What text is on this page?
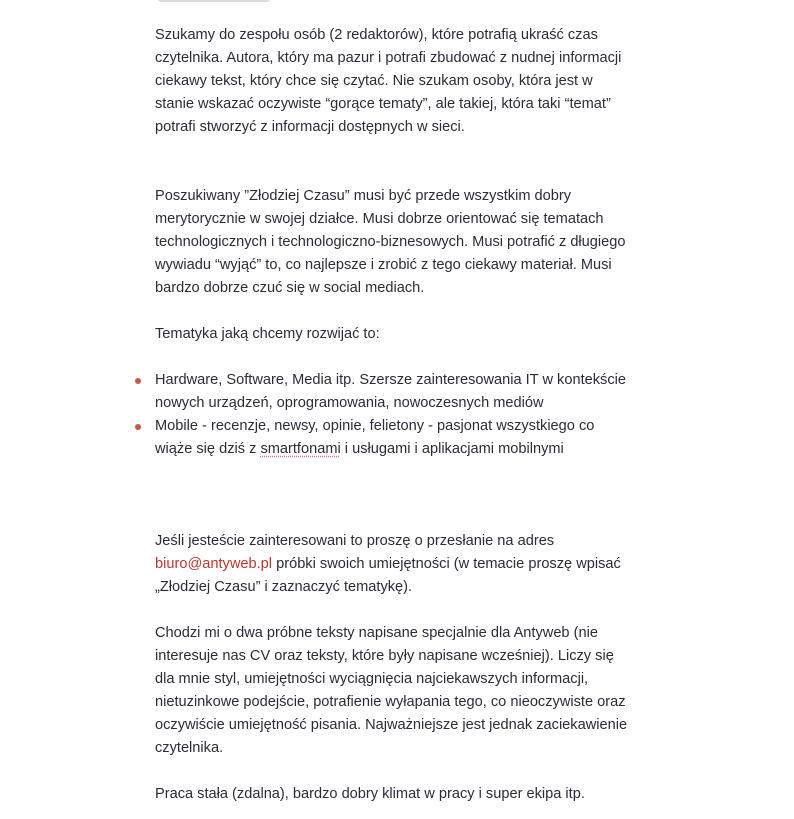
Szukamy do zespołu osób (2 redaktorów), które potrafią ukraść czas czytelnika. Autora, który ma pazur i potrafi zbudować z nudnej informacji ciekawy tekst, który chce się czytać. Nie szukam osoby, która jest w stanie wskazać oczywiste “gorące tematy”, ale takiej, która taki “temat” potrafi stworzyć z informacji dostępnych w sieci.

Poszukiwany ”Złodziej Czasu” musi być przede wszystkim dobry merytorycznie w swojej działce. Musi dobrze orientować się tematach technologicznych i technologiczno-biznesowych. Musi potrafić z długiego wywiadu “wyjąć” to, co najlepsze i zrobić z tego ciekawy materiał. Musi bardzo dobrze czuć się w social mediach.

Tematyka jaką chcemy rozwijać to:

Hardware, Software, Media itp. Szersze zainteresowania IT w kontekście nowych urządzeń, oprogramowania, nowoczesnych mediów
Mobile - recenzje, newsy, opinie, felietony - pasjonat wszystkiego co wiąże się dziś z smartfonami i usługami i aplikacjami mobilnymi

Jeśli jesteście zainteresowani to proszę o przesłanie na adres biuro@antyweb.pl próbki swoich umiejętności (w temacie proszę wpisać „Złodziej Czasu” i zaznaczyć tematykę).

Chodzi mi o dwa próbne teksty napisane specjalnie dla Antyweb (nie interesuje nas CV oraz teksty, które były napisane wcześniej). Liczy się dla mnie styl, umiejętności wyciągnięcia najciekawszych informacji, nietuzinkowe podejście, potrafienie wyłapania tego, co nieoczywiste oraz oczywiście umiejętność pisania. Najważniejsze jest jednak zaciekawienie czytelnika.

Praca stała (zdalna), bardzo dobry klimat w pracy i super ekipa itp.
